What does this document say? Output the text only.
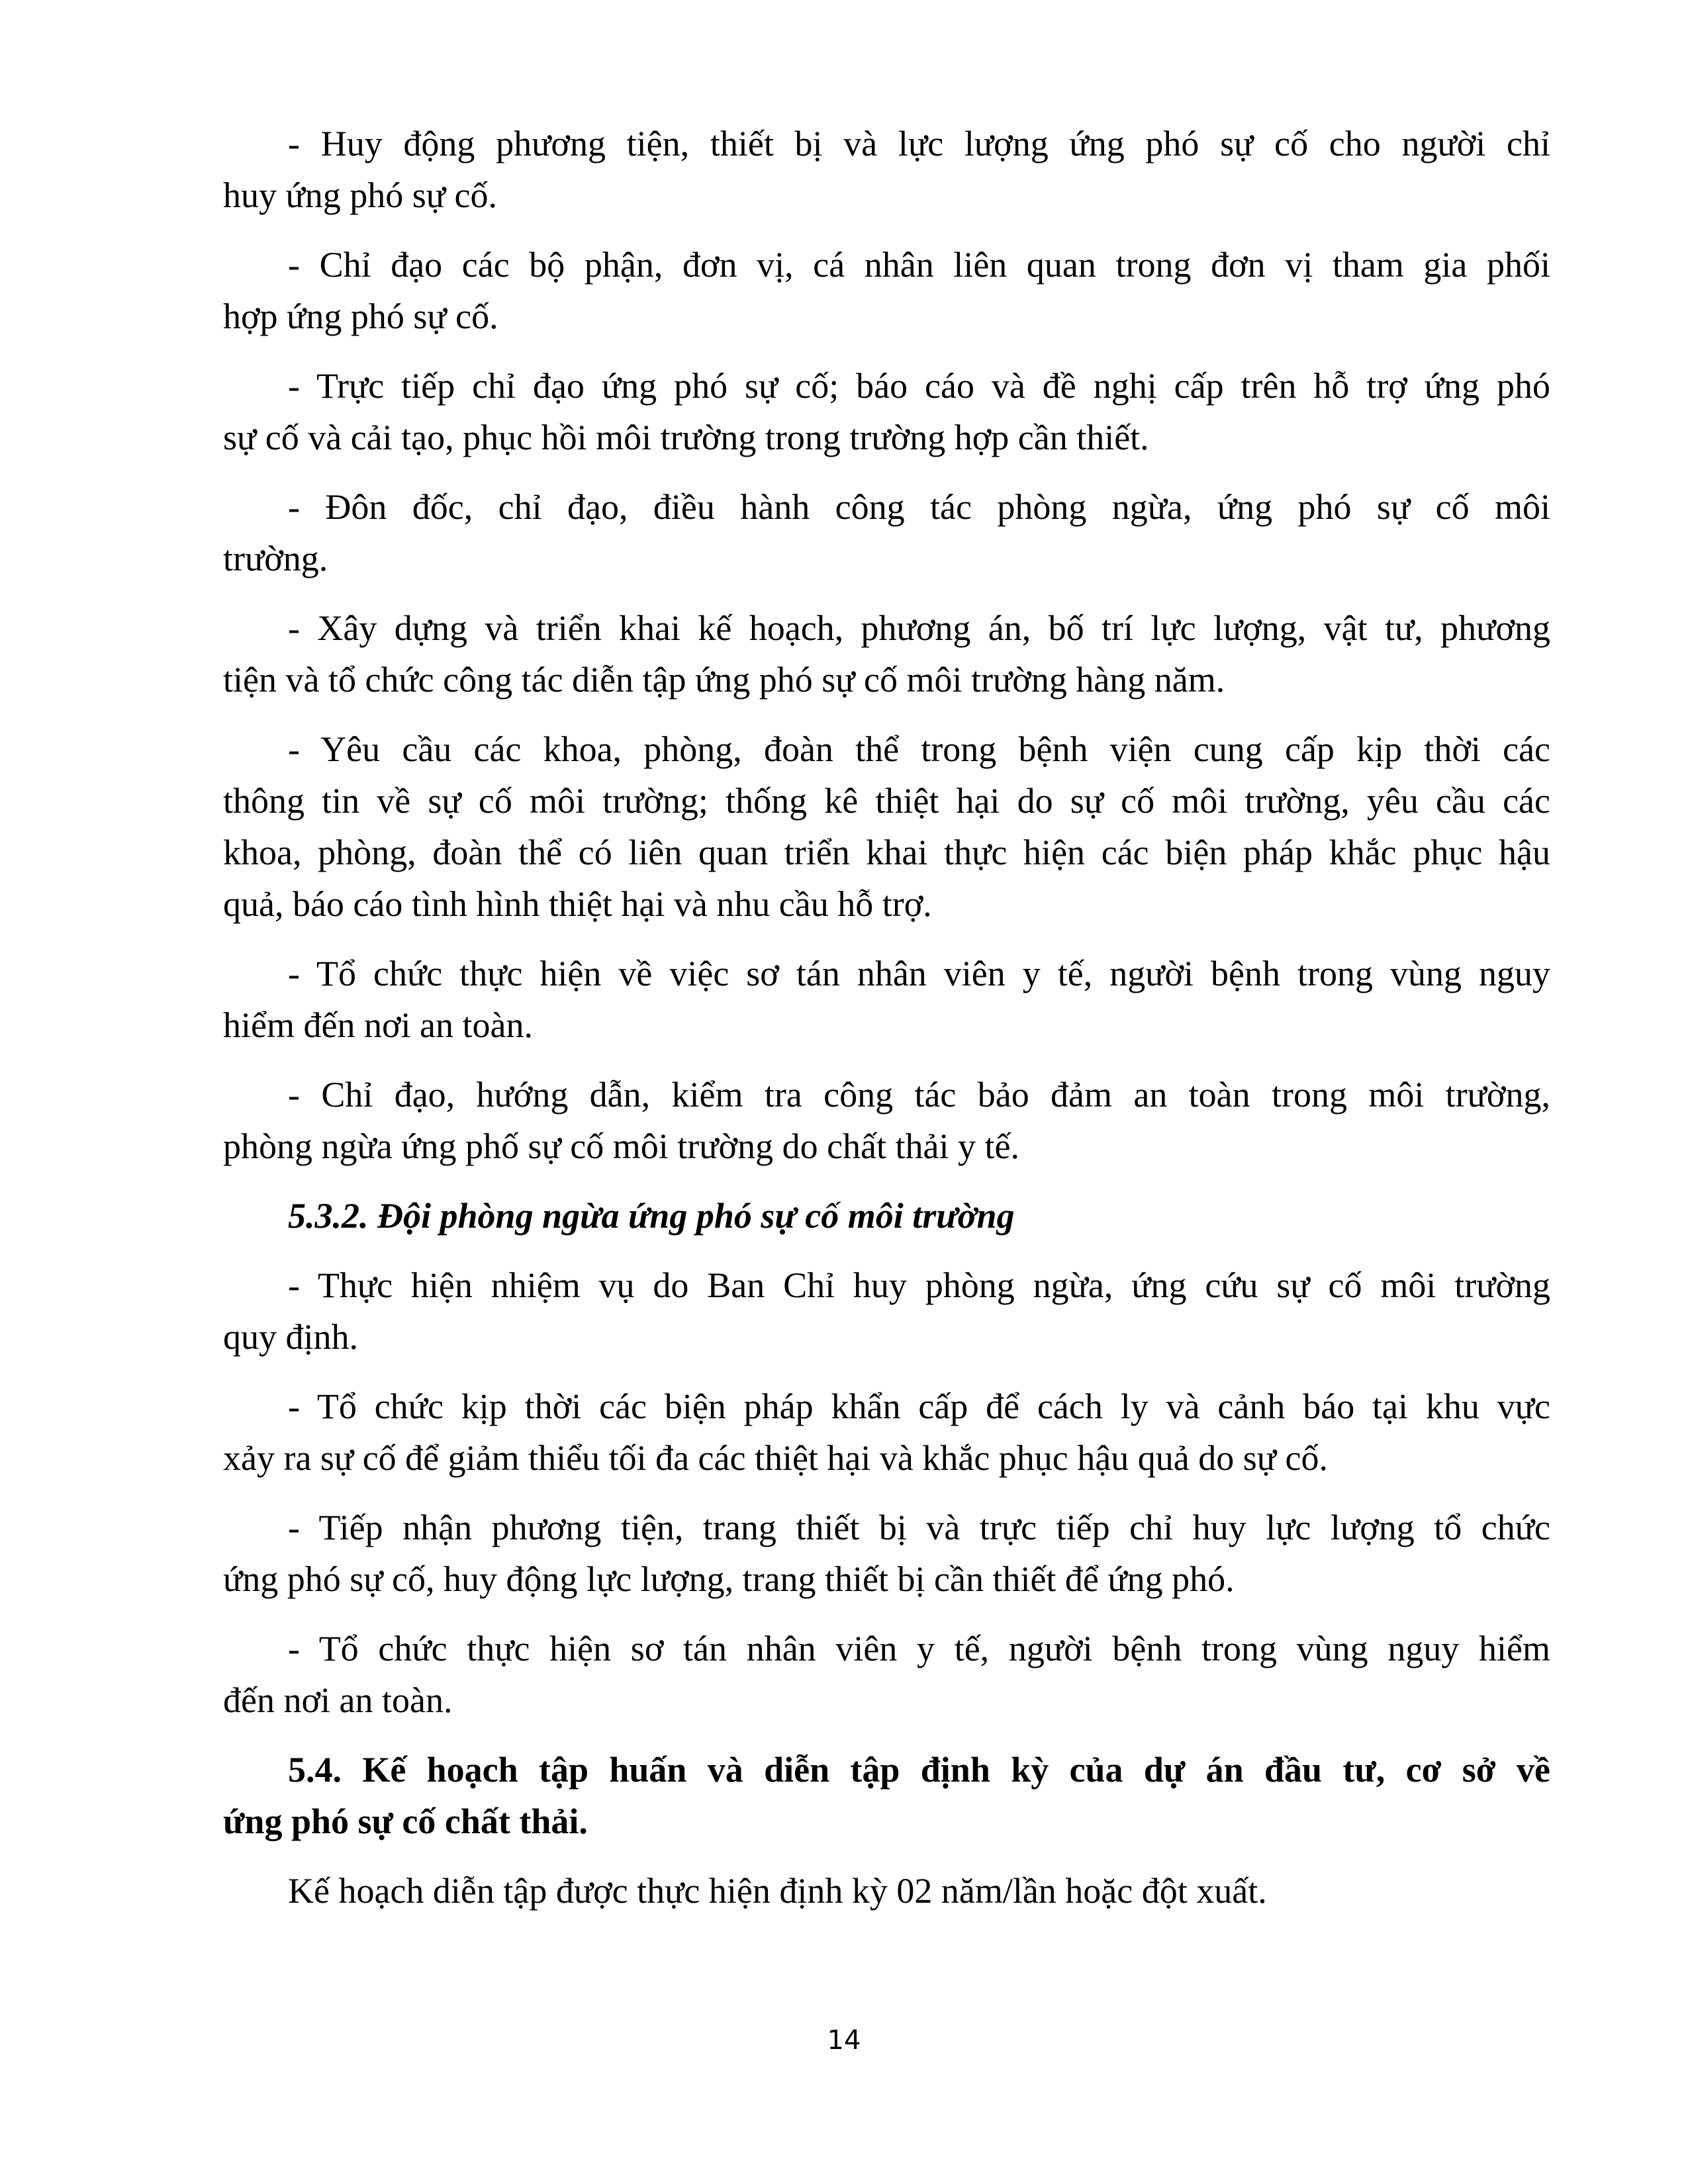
- Huy động phương tiện, thiết bị và lực lượng ứng phó sự cố cho người chỉ
huy ứng phó sự cố.
- Chỉ đạo các bộ phận, đơn vị, cá nhân liên quan trong đơn vị tham gia phối
hợp ứng phó sự cố.
- Trực tiếp chỉ đạo ứng phó sự cố; báo cáo và đề nghị cấp trên hỗ trợ ứng phó
sự cố và cải tạo, phục hồi môi trường trong trường hợp cần thiết.
- Đôn đốc, chỉ đạo, điều hành công tác phòng ngừa, ứng phó sự cố môi
trường.
- Xây dựng và triển khai kế hoạch, phương án, bố trí lực lượng, vật tư, phương
tiện và tổ chức công tác diễn tập ứng phó sự cố môi trường hàng năm.
- Yêu cầu các khoa, phòng, đoàn thể trong bệnh viện cung cấp kịp thời các
thông tin về sự cố môi trường; thống kê thiệt hại do sự cố môi trường, yêu cầu các
khoa, phòng, đoàn thể có liên quan triển khai thực hiện các biện pháp khắc phục hậu
quả, báo cáo tình hình thiệt hại và nhu cầu hỗ trợ.
- Tổ chức thực hiện về việc sơ tán nhân viên y tế, người bệnh trong vùng nguy
hiểm đến nơi an toàn.
- Chỉ đạo, hướng dẫn, kiểm tra công tác bảo đảm an toàn trong môi trường,
phòng ngừa ứng phố sự cố môi trường do chất thải y tế.
5.3.2. Đội phòng ngừa ứng phó sự cố môi trường
- Thực hiện nhiệm vụ do Ban Chỉ huy phòng ngừa, ứng cứu sự cố môi trường
quy định.
- Tổ chức kịp thời các biện pháp khẩn cấp để cách ly và cảnh báo tại khu vực
xảy ra sự cố để giảm thiểu tối đa các thiệt hại và khắc phục hậu quả do sự cố.
- Tiếp nhận phương tiện, trang thiết bị và trực tiếp chỉ huy lực lượng tổ chức
ứng phó sự cố, huy động lực lượng, trang thiết bị cần thiết để ứng phó.
- Tổ chức thực hiện sơ tán nhân viên y tế, người bệnh trong vùng nguy hiểm
đến nơi an toàn.
5.4. Kế hoạch tập huấn và diễn tập định kỳ của dự án đầu tư, cơ sở về
ứng phó sự cố chất thải.
Kế hoạch diễn tập được thực hiện định kỳ 02 năm/lần hoặc đột xuất.
14
